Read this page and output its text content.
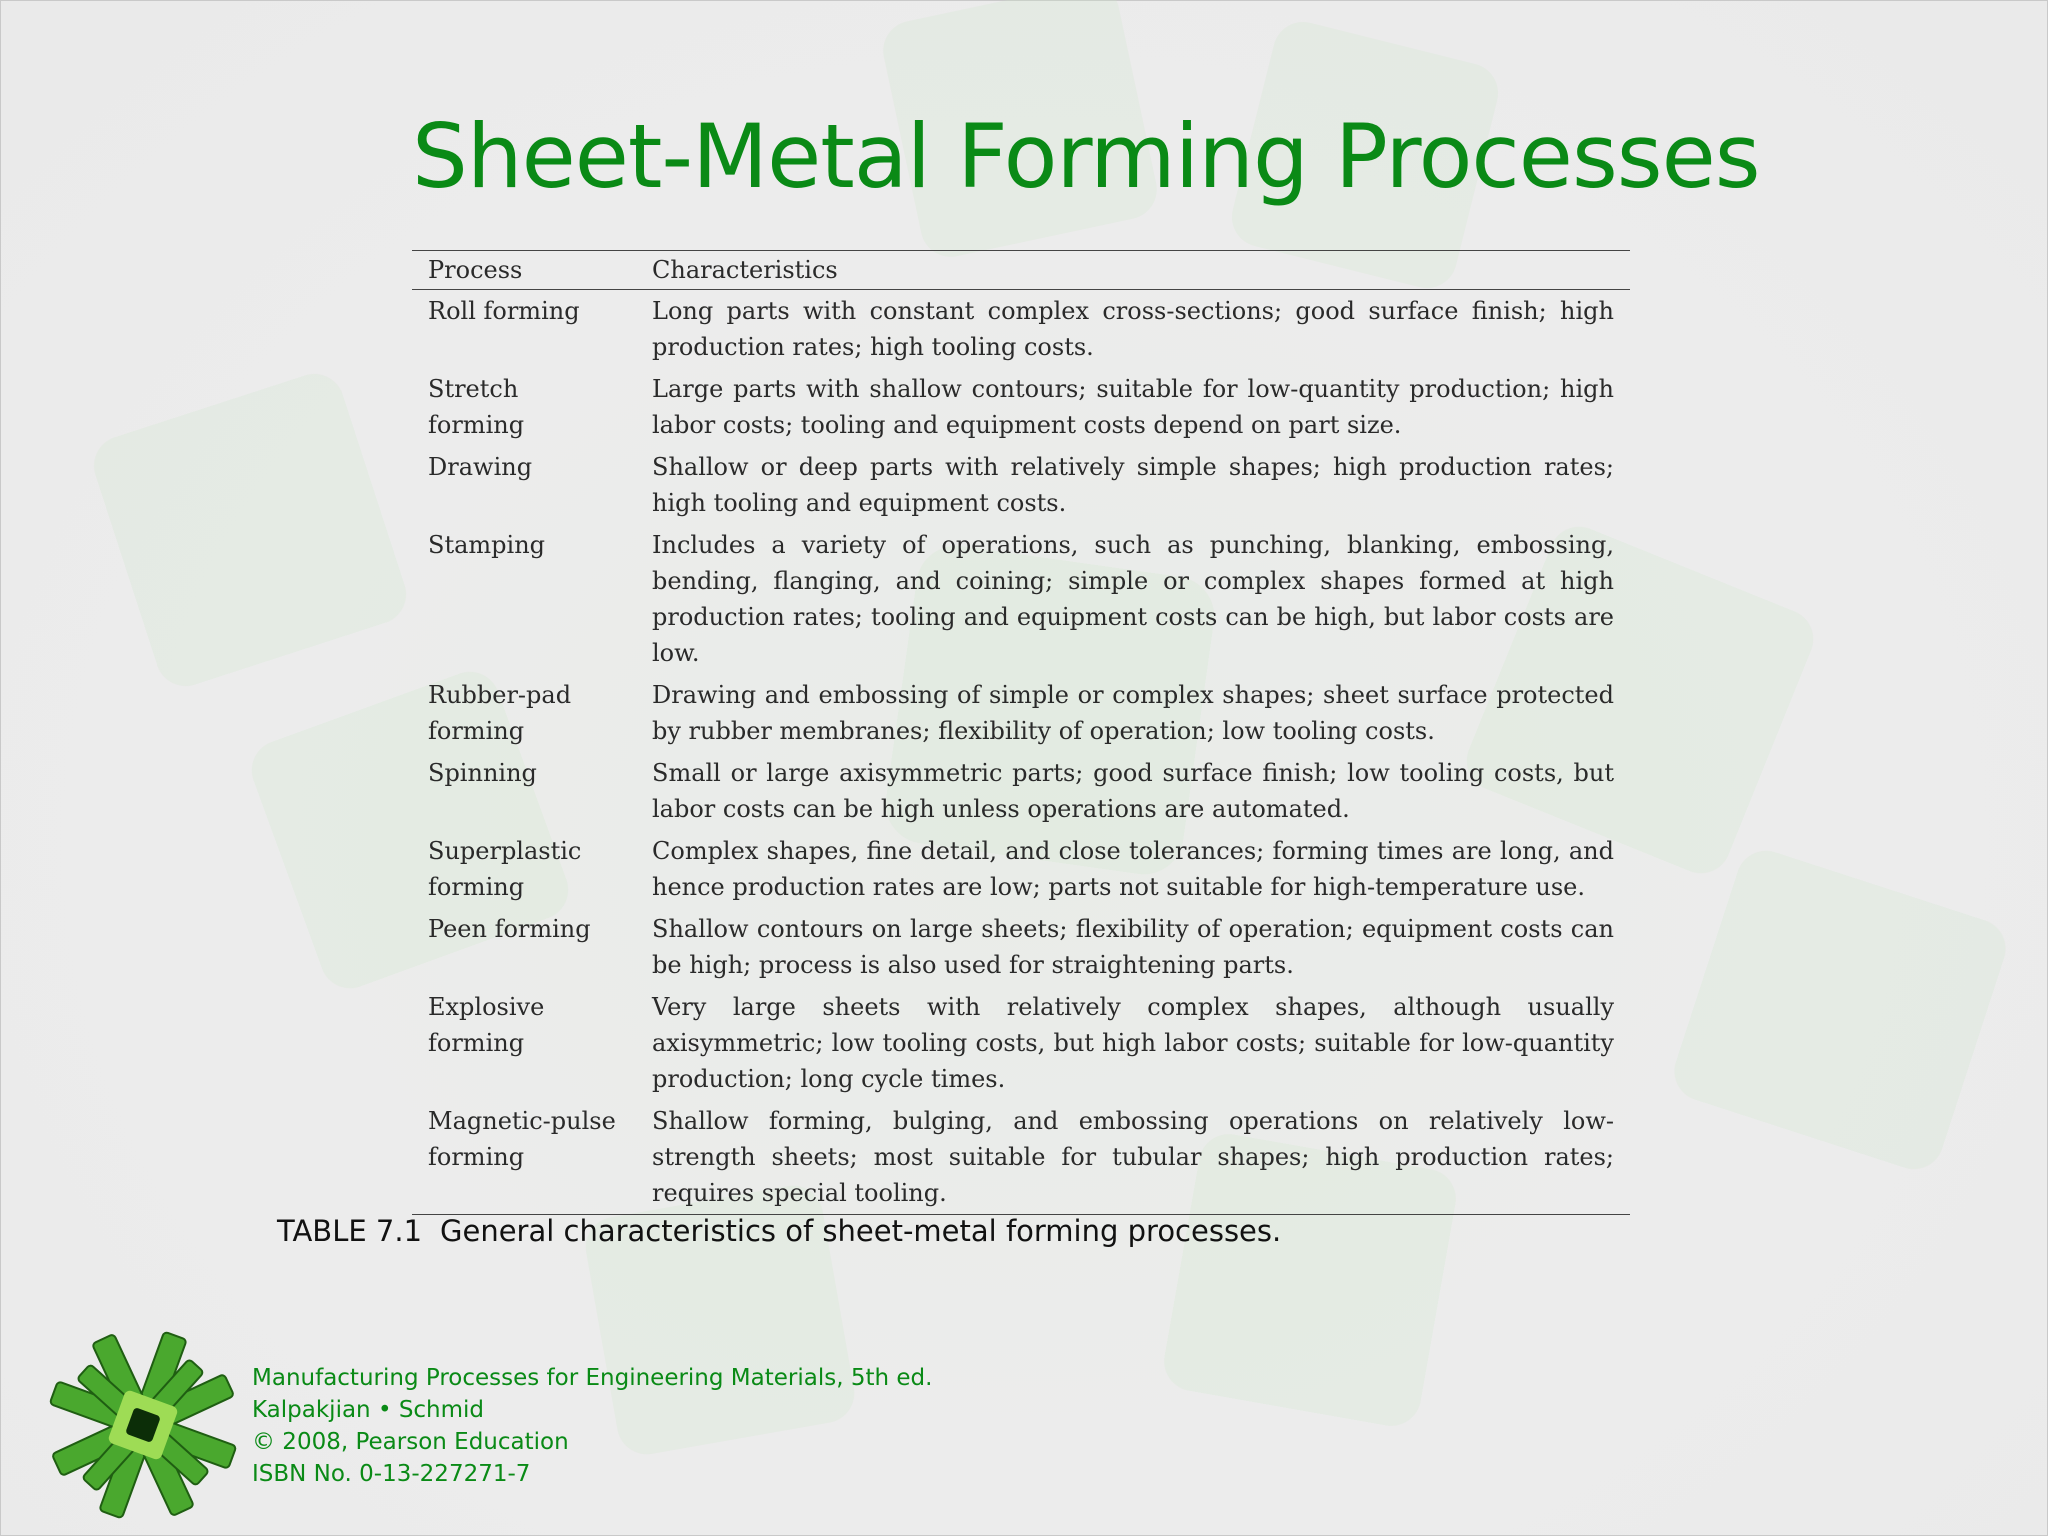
Sheet-Metal Forming Processes
Process	Characteristics
Roll forming	Long parts with constant complex cross-sections; good surface finish; high production rates; high tooling costs.
Stretch forming	Large parts with shallow contours; suitable for low-quantity production; high labor costs; tooling and equipment costs depend on part size.
Drawing	Shallow or deep parts with relatively simple shapes; high production rates; high tooling and equipment costs.
Stamping	Includes a variety of operations, such as punching, blanking, embossing, bending, flanging, and coining; simple or complex shapes formed at high production rates; tooling and equipment costs can be high, but labor costs are low.
Rubber-pad forming	Drawing and embossing of simple or complex shapes; sheet surface protected by rubber membranes; flexibility of operation; low tooling costs.
Spinning	Small or large axisymmetric parts; good surface finish; low tooling costs, but labor costs can be high unless operations are automated.
Superplastic forming	Complex shapes, fine detail, and close tolerances; forming times are long, and hence production rates are low; parts not suitable for high-temperature use.
Peen forming	Shallow contours on large sheets; flexibility of operation; equipment costs can be high; process is also used for straightening parts.
Explosive forming	Very large sheets with relatively complex shapes, although usually axisymmetric; low tooling costs, but high labor costs; suitable for low-quantity production; long cycle times.
Magnetic-pulse forming	Shallow forming, bulging, and embossing operations on relatively low-strength sheets; most suitable for tubular shapes; high production rates; requires special tooling.
TABLE 7.1 General characteristics of sheet-metal forming processes.
Manufacturing Processes for Engineering Materials, 5th ed.
Kalpakjian • Schmid
© 2008, Pearson Education
ISBN No. 0-13-227271-7
